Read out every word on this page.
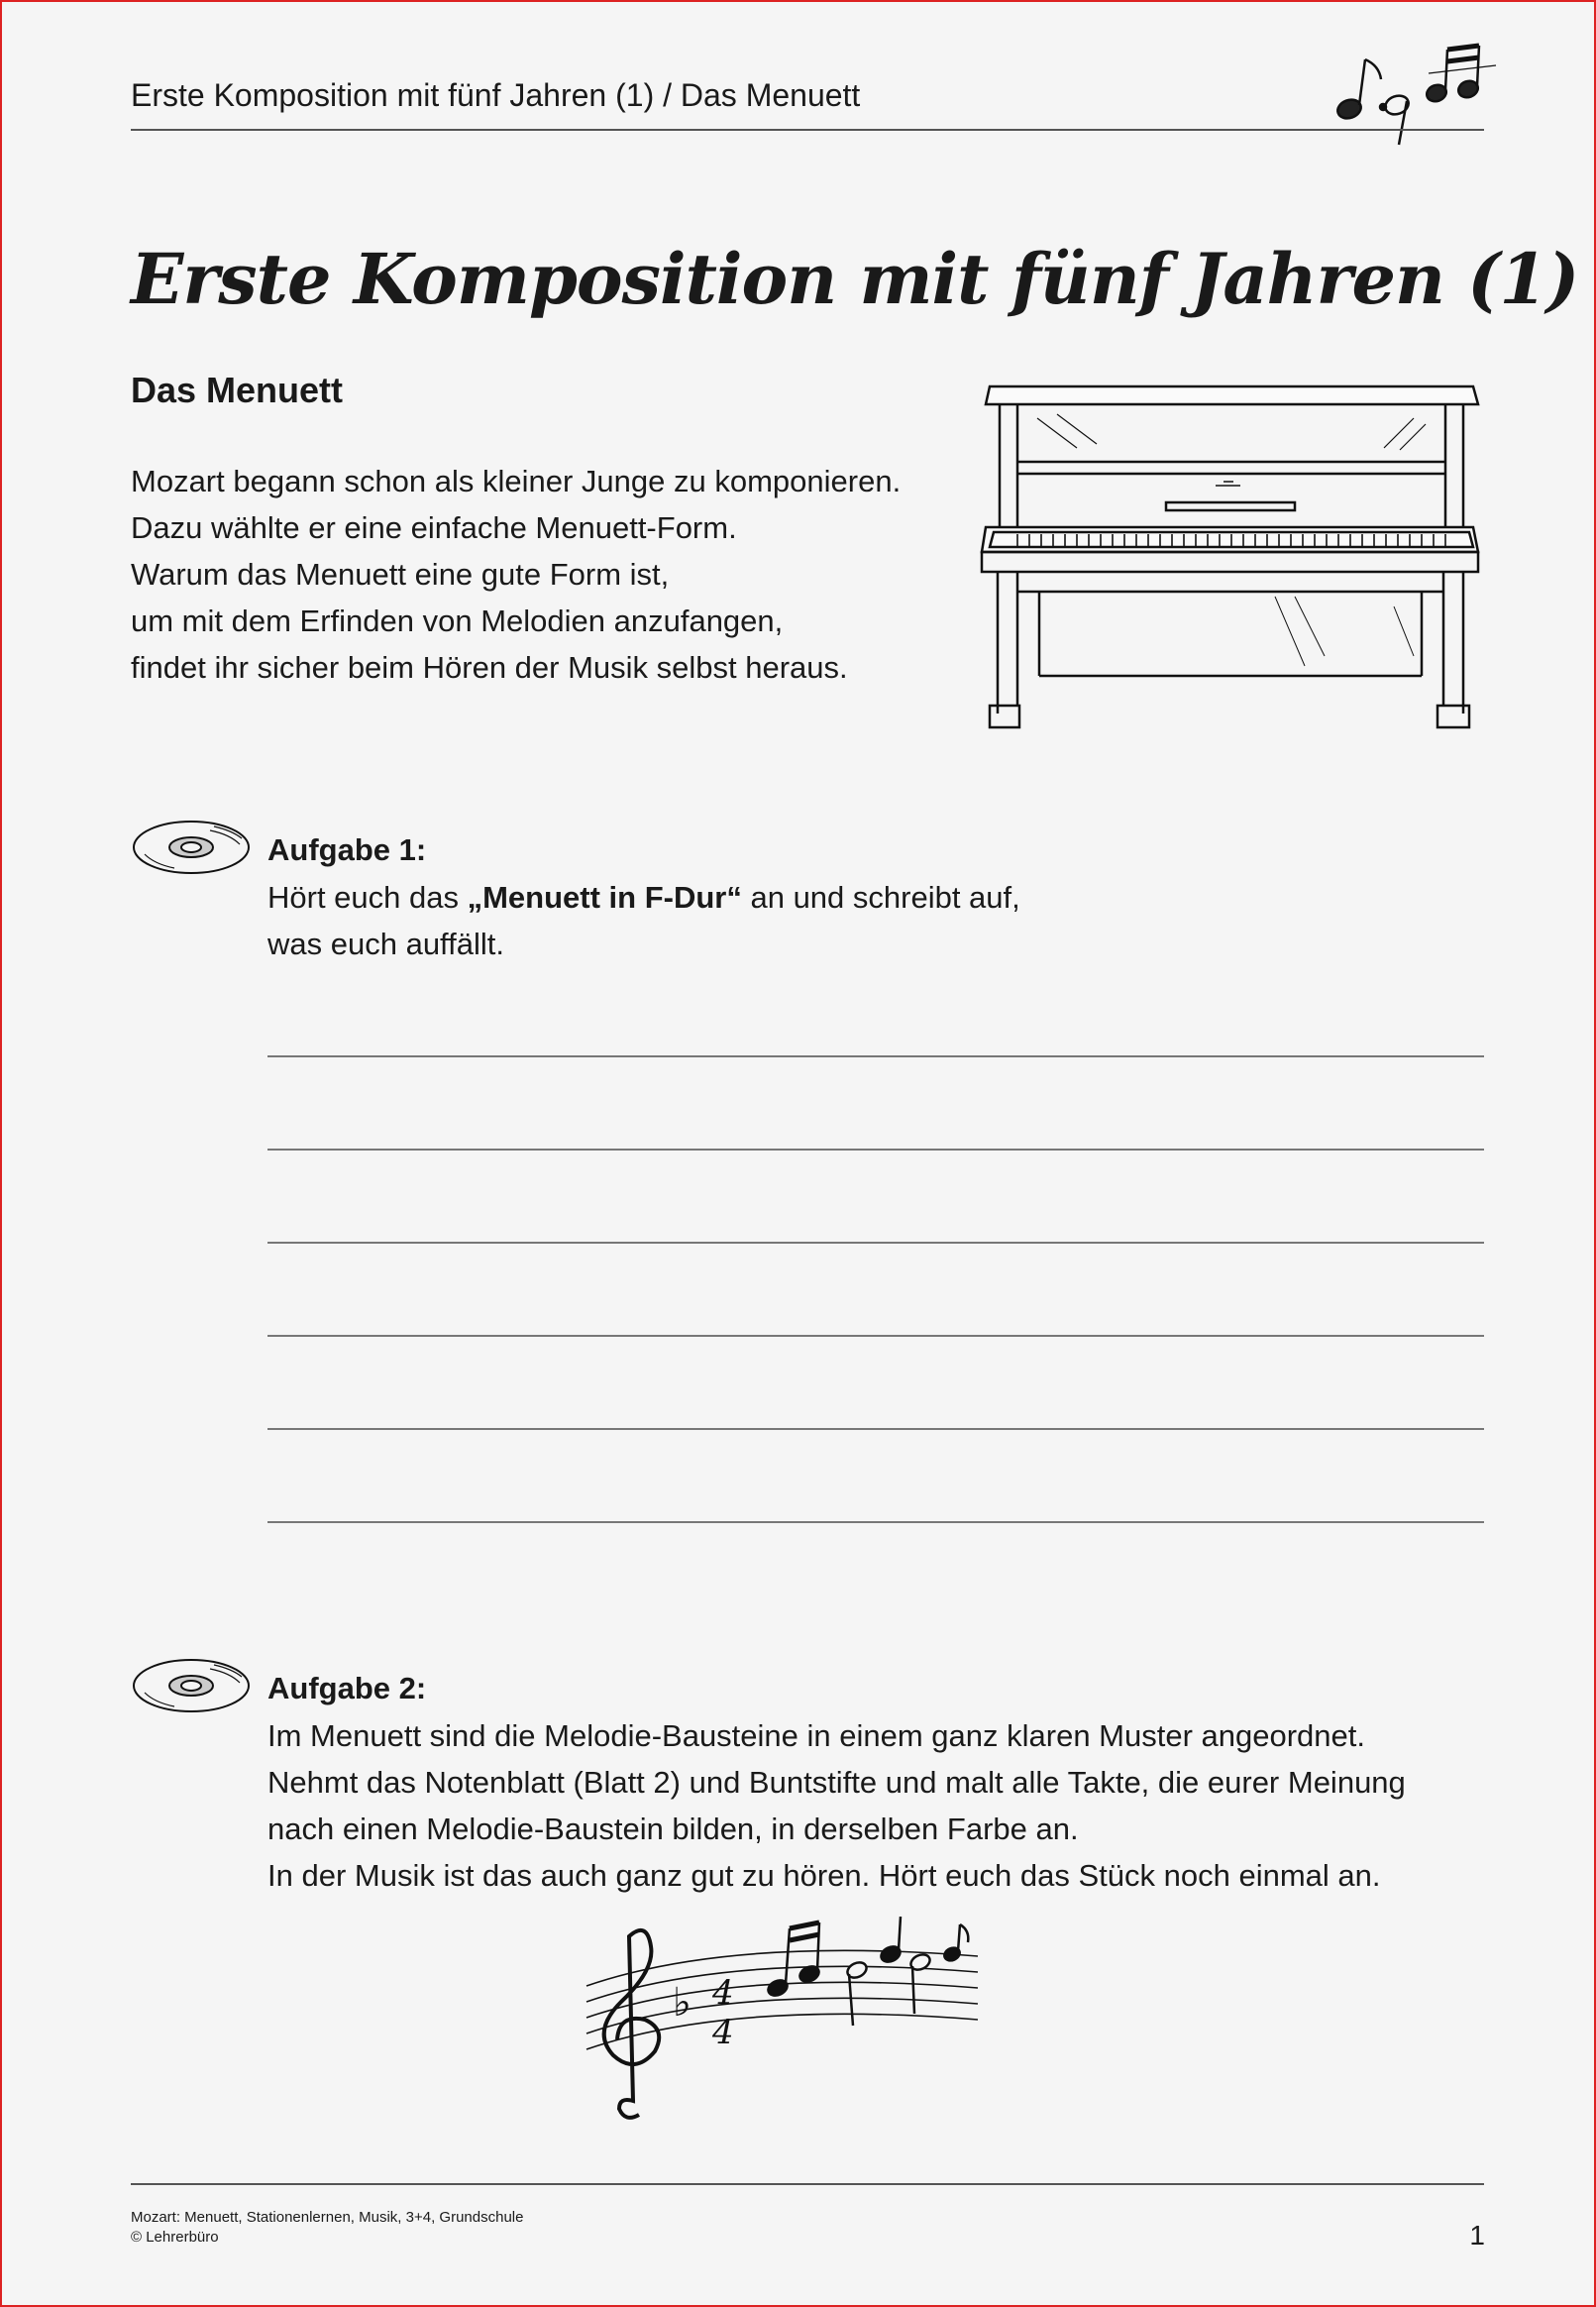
Erste Komposition mit fünf Jahren (1) / Das Menuett
Erste Komposition mit fünf Jahren (1)
Das Menuett
Mozart begann schon als kleiner Junge zu komponieren.
Dazu wählte er eine einfache Menuett-Form.
Warum das Menuett eine gute Form ist,
um mit dem Erfinden von Melodien anzufangen,
findet ihr sicher beim Hören der Musik selbst heraus.
Aufgabe 1:
Hört euch das „Menuett in F-Dur“ an und schreibt auf,
was euch auffällt.
Aufgabe 2:
Im Menuett sind die Melodie-Bausteine in einem ganz klaren Muster angeordnet.
Nehmt das Notenblatt (Blatt 2) und Buntstifte und malt alle Takte, die eurer Meinung
nach einen Melodie-Baustein bilden, in derselben Farbe an.
In der Musik ist das auch ganz gut zu hören. Hört euch das Stück noch einmal an.
♭ 4
4
Mozart: Menuett, Stationenlernen, Musik, 3+4, Grundschule
© Lehrerbüro	1
